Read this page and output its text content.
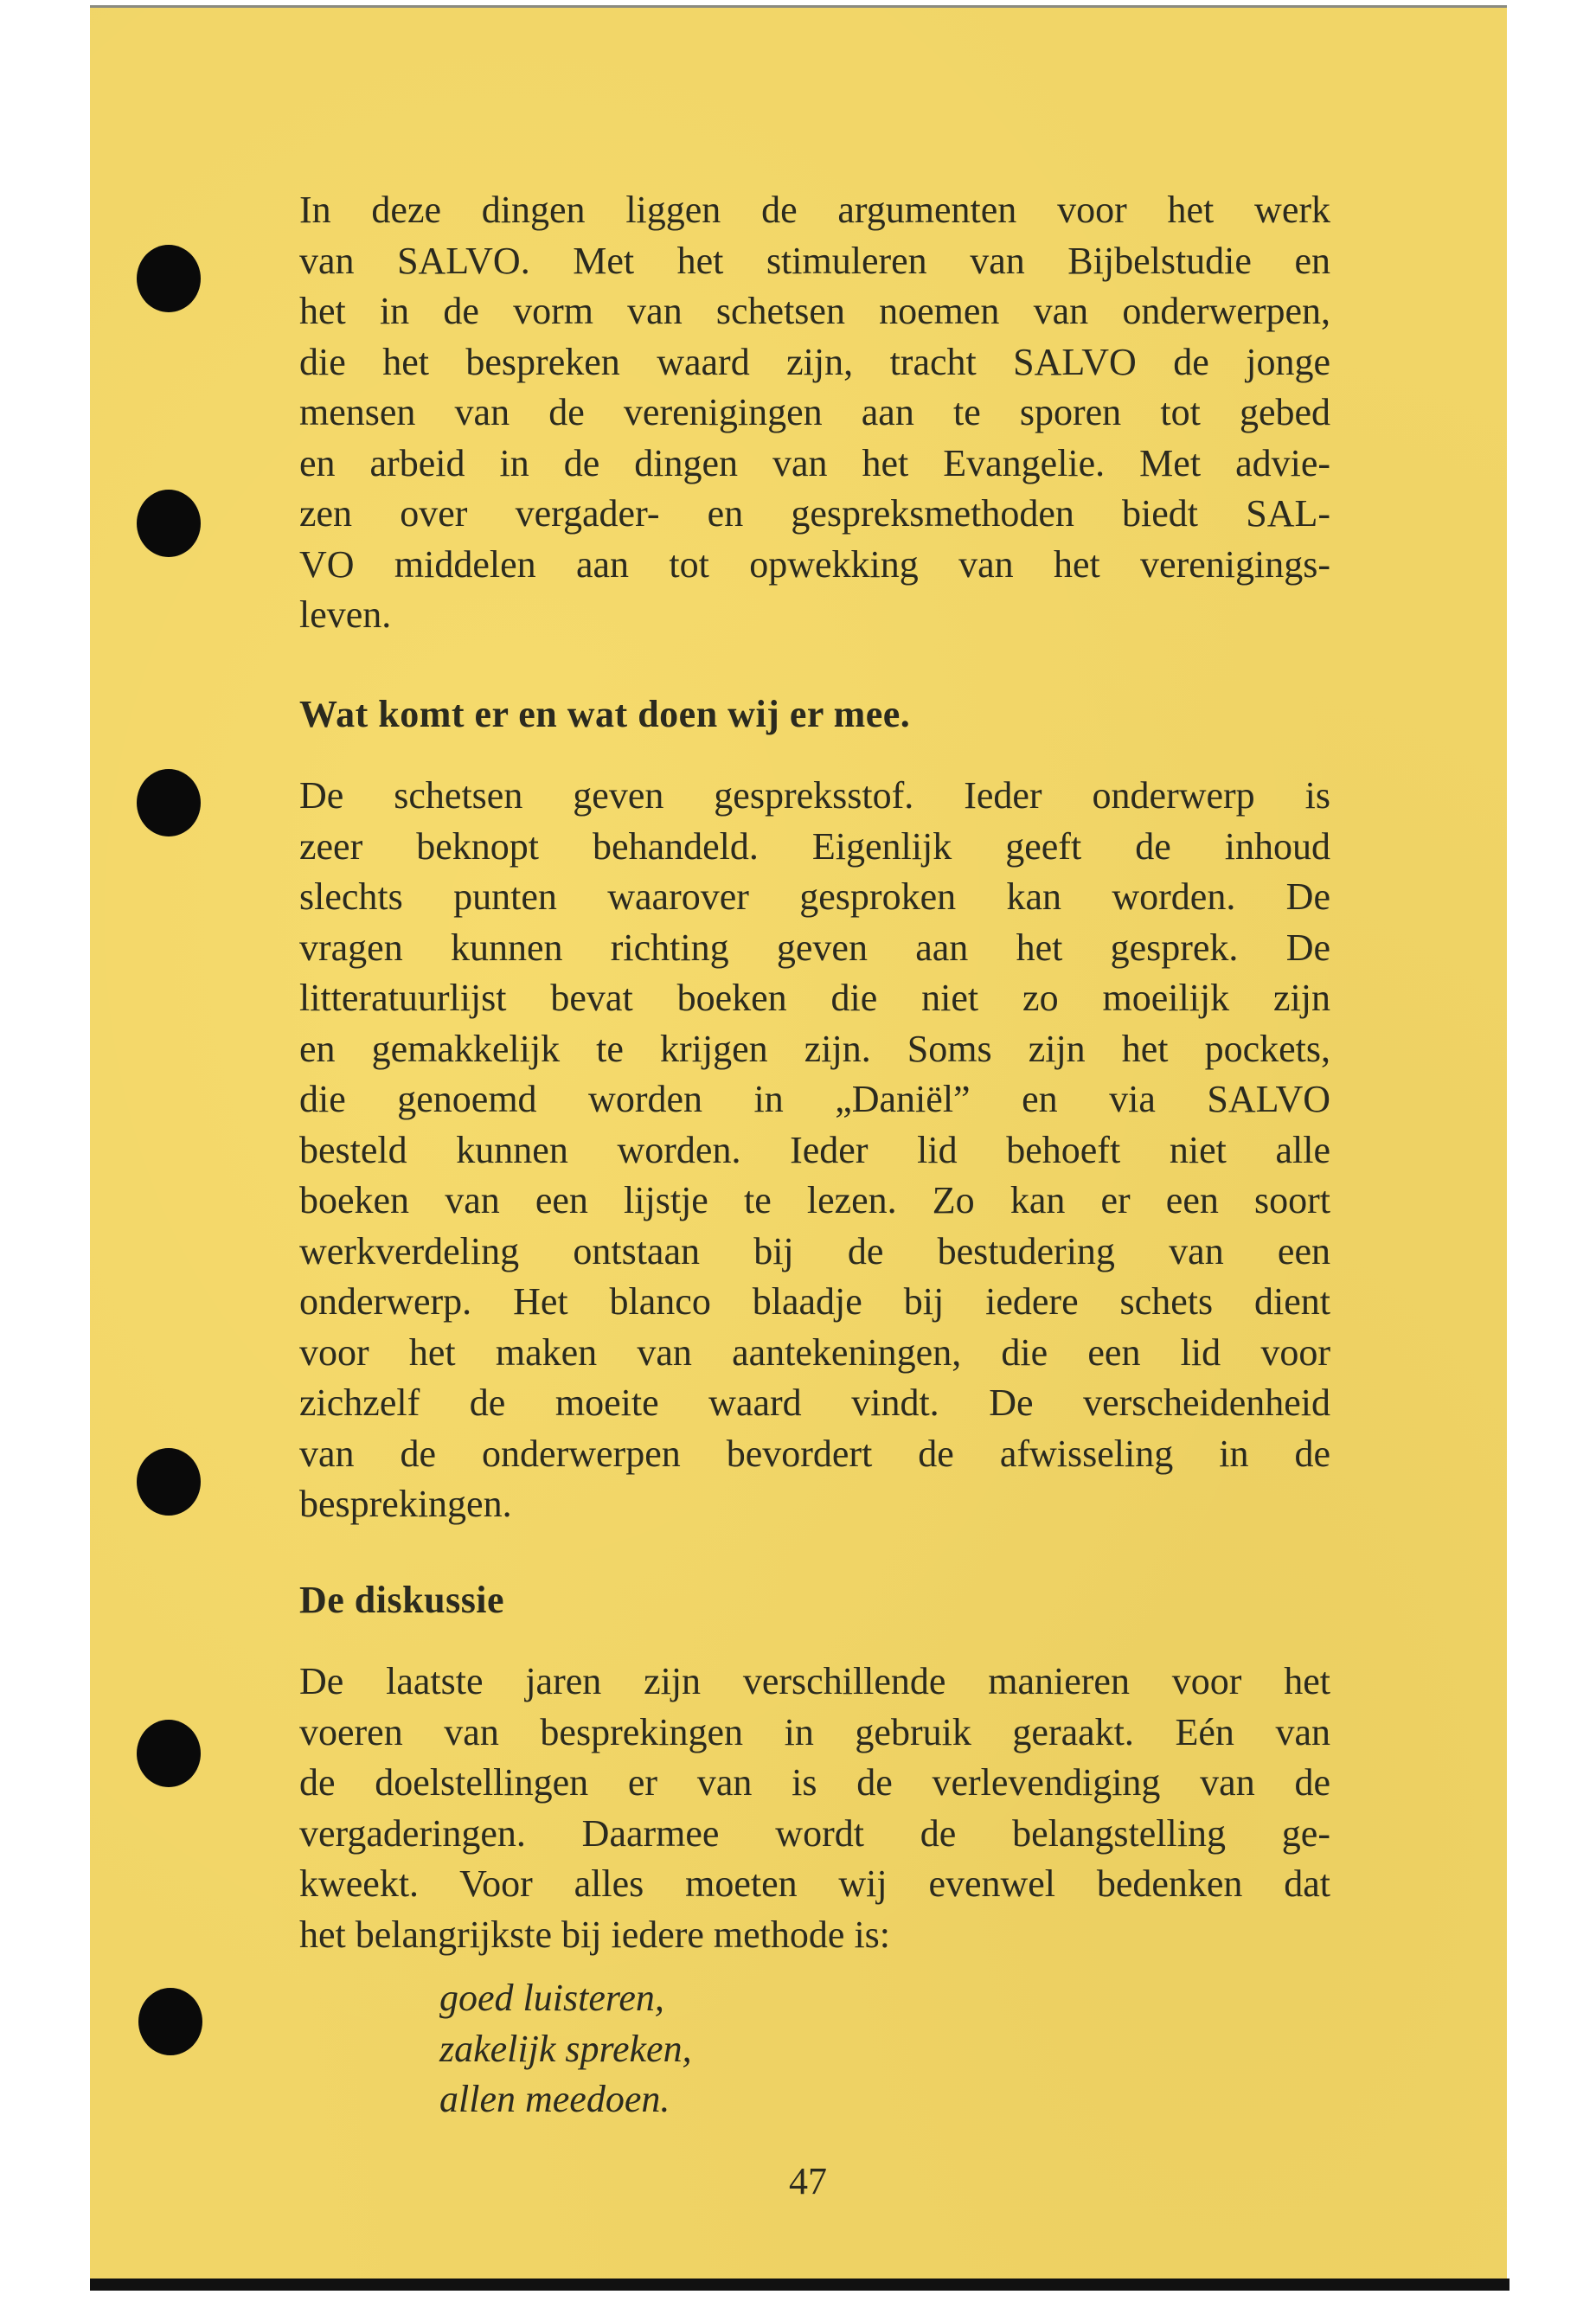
In deze dingen liggen de argumenten voor het werk
van SALVO. Met het stimuleren van Bijbelstudie en
het in de vorm van schetsen noemen van onderwerpen,
die het bespreken waard zijn, tracht SALVO de jonge
mensen van de verenigingen aan te sporen tot gebed
en arbeid in de dingen van het Evangelie. Met advie-
zen over vergader- en gespreksmethoden biedt SAL-
VO middelen aan tot opwekking van het verenigings-
leven.
Wat komt er en wat doen wij er mee.
De schetsen geven gespreksstof. Ieder onderwerp is
zeer beknopt behandeld. Eigenlijk geeft de inhoud
slechts punten waarover gesproken kan worden. De
vragen kunnen richting geven aan het gesprek. De
litteratuurlijst bevat boeken die niet zo moeilijk zijn
en gemakkelijk te krijgen zijn. Soms zijn het pockets,
die genoemd worden in „Daniël” en via SALVO
besteld kunnen worden. Ieder lid behoeft niet alle
boeken van een lijstje te lezen. Zo kan er een soort
werkverdeling ontstaan bij de bestudering van een
onderwerp. Het blanco blaadje bij iedere schets dient
voor het maken van aantekeningen, die een lid voor
zichzelf de moeite waard vindt. De verscheidenheid
van de onderwerpen bevordert de afwisseling in de
besprekingen.
De diskussie
De laatste jaren zijn verschillende manieren voor het
voeren van besprekingen in gebruik geraakt. Eén van
de doelstellingen er van is de verlevendiging van de
vergaderingen. Daarmee wordt de belangstelling ge-
kweekt. Voor alles moeten wij evenwel bedenken dat
het belangrijkste bij iedere methode is:
goed luisteren,
zakelijk spreken,
allen meedoen.
47
